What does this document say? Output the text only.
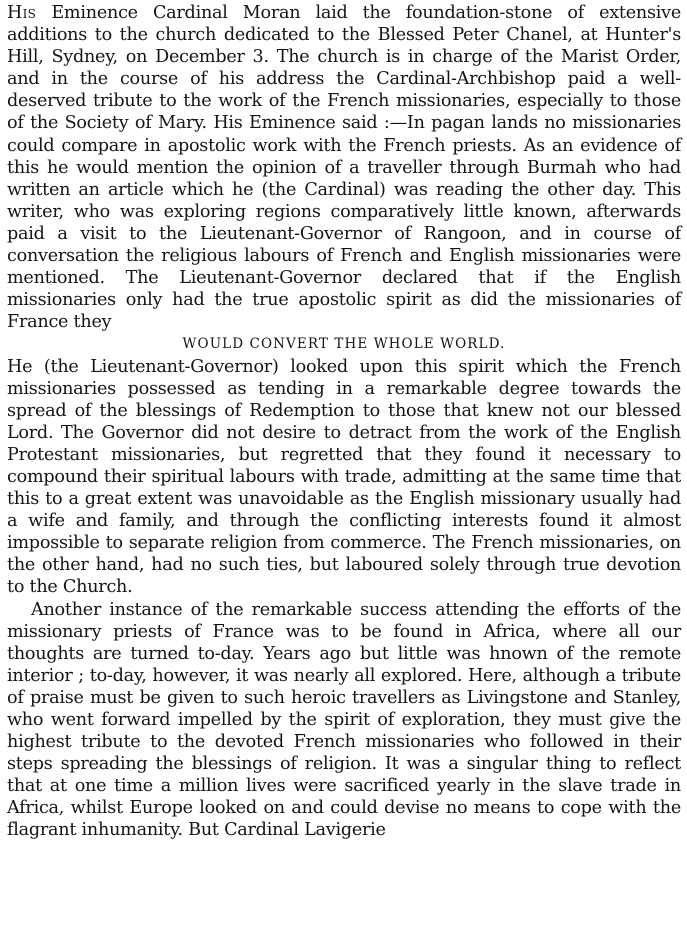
His Eminence Cardinal Moran laid the foundation-stone of extensive additions to the church dedicated to the Blessed Peter Chanel, at Hunter's Hill, Sydney, on December 3. The church is in charge of the Marist Order, and in the course of his address the Cardinal-Archbishop paid a well-deserved tribute to the work of the French missionaries, especially to those of the Society of Mary. His Eminence said :—In pagan lands no missionaries could compare in apostolic work with the French priests. As an evidence of this he would mention the opinion of a traveller through Burmah who had written an article which he (the Cardinal) was reading the other day. This writer, who was exploring regions comparatively little known, afterwards paid a visit to the Lieutenant-Governor of Rangoon, and in course of conversation the religious labours of French and English missionaries were mentioned. The Lieutenant-Governor declared that if the English missionaries only had the true apostolic spirit as did the missionaries of France they

WOULD CONVERT THE WHOLE WORLD.

He (the Lieutenant-Governor) looked upon this spirit which the French missionaries possessed as tending in a remarkable degree towards the spread of the blessings of Redemption to those that knew not our blessed Lord. The Governor did not desire to detract from the work of the English Protestant missionaries, but regretted that they found it necessary to compound their spiritual labours with trade, admitting at the same time that this to a great extent was unavoidable as the English missionary usually had a wife and family, and through the conflicting interests found it almost impossible to separate religion from commerce. The French missionaries, on the other hand, had no such ties, but laboured solely through true devotion to the Church.

Another instance of the remarkable success attending the efforts of the missionary priests of France was to be found in Africa, where all our thoughts are turned to-day. Years ago but little was hnown of the remote interior ; to-day, however, it was nearly all explored. Here, although a tribute of praise must be given to such heroic travellers as Livingstone and Stanley, who went forward impelled by the spirit of exploration, they must give the highest tribute to the devoted French missionaries who followed in their steps spreading the blessings of religion. It was a singular thing to reflect that at one time a million lives were sacrificed yearly in the slave trade in Africa, whilst Europe looked on and could devise no means to cope with the flagrant inhumanity. But Cardinal Lavigerie
